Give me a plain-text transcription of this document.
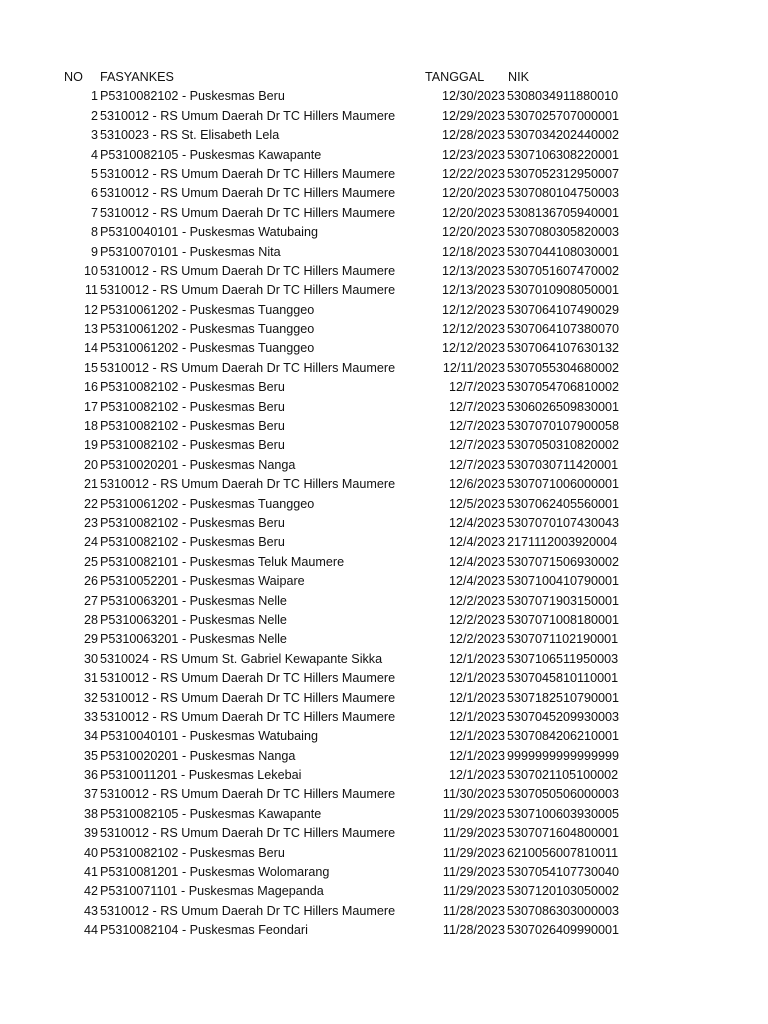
NO FASYANKES	TANGGAL NIK
1 P5310082102 - Puskesmas Beru	12/30/2023 5308034911880010
2 5310012 - RS Umum Daerah Dr TC Hillers Maumere	12/29/2023 5307025707000001
3 5310023 - RS St. Elisabeth Lela	12/28/2023 5307034202440002
4 P5310082105 - Puskesmas Kawapante	12/23/2023 5307106308220001
5 5310012 - RS Umum Daerah Dr TC Hillers Maumere	12/22/2023 5307052312950007
6 5310012 - RS Umum Daerah Dr TC Hillers Maumere	12/20/2023 5307080104750003
7 5310012 - RS Umum Daerah Dr TC Hillers Maumere	12/20/2023 5308136705940001
8 P5310040101 - Puskesmas Watubaing	12/20/2023 5307080305820003
9 P5310070101 - Puskesmas Nita	12/18/2023 5307044108030001
10 5310012 - RS Umum Daerah Dr TC Hillers Maumere	12/13/2023 5307051607470002
11 5310012 - RS Umum Daerah Dr TC Hillers Maumere	12/13/2023 5307010908050001
12 P5310061202 - Puskesmas Tuanggeo	12/12/2023 5307064107490029
13 P5310061202 - Puskesmas Tuanggeo	12/12/2023 5307064107380070
14 P5310061202 - Puskesmas Tuanggeo	12/12/2023 5307064107630132
15 5310012 - RS Umum Daerah Dr TC Hillers Maumere	12/11/2023 5307055304680002
16 P5310082102 - Puskesmas Beru	12/7/2023 5307054706810002
17 P5310082102 - Puskesmas Beru	12/7/2023 5306026509830001
18 P5310082102 - Puskesmas Beru	12/7/2023 5307070107900058
19 P5310082102 - Puskesmas Beru	12/7/2023 5307050310820002
20 P5310020201 - Puskesmas Nanga	12/7/2023 5307030711420001
21 5310012 - RS Umum Daerah Dr TC Hillers Maumere	12/6/2023 5307071006000001
22 P5310061202 - Puskesmas Tuanggeo	12/5/2023 5307062405560001
23 P5310082102 - Puskesmas Beru	12/4/2023 5307070107430043
24 P5310082102 - Puskesmas Beru	12/4/2023 2171112003920004
25 P5310082101 - Puskesmas Teluk Maumere	12/4/2023 5307071506930002
26 P5310052201 - Puskesmas Waipare	12/4/2023 5307100410790001
27 P5310063201 - Puskesmas Nelle	12/2/2023 5307071903150001
28 P5310063201 - Puskesmas Nelle	12/2/2023 5307071008180001
29 P5310063201 - Puskesmas Nelle	12/2/2023 5307071102190001
30 5310024 - RS Umum St. Gabriel Kewapante Sikka	12/1/2023 5307106511950003
31 5310012 - RS Umum Daerah Dr TC Hillers Maumere	12/1/2023 5307045810110001
32 5310012 - RS Umum Daerah Dr TC Hillers Maumere	12/1/2023 5307182510790001
33 5310012 - RS Umum Daerah Dr TC Hillers Maumere	12/1/2023 5307045209930003
34 P5310040101 - Puskesmas Watubaing	12/1/2023 5307084206210001
35 P5310020201 - Puskesmas Nanga	12/1/2023 9999999999999999
36 P5310011201 - Puskesmas Lekebai	12/1/2023 5307021105100002
37 5310012 - RS Umum Daerah Dr TC Hillers Maumere	11/30/2023 5307050506000003
38 P5310082105 - Puskesmas Kawapante	11/29/2023 5307100603930005
39 5310012 - RS Umum Daerah Dr TC Hillers Maumere	11/29/2023 5307071604800001
40 P5310082102 - Puskesmas Beru	11/29/2023 6210056007810011
41 P5310081201 - Puskesmas Wolomarang	11/29/2023 5307054107730040
42 P5310071101 - Puskesmas Magepanda	11/29/2023 5307120103050002
43 5310012 - RS Umum Daerah Dr TC Hillers Maumere	11/28/2023 5307086303000003
44 P5310082104 - Puskesmas Feondari	11/28/2023 5307026409990001
